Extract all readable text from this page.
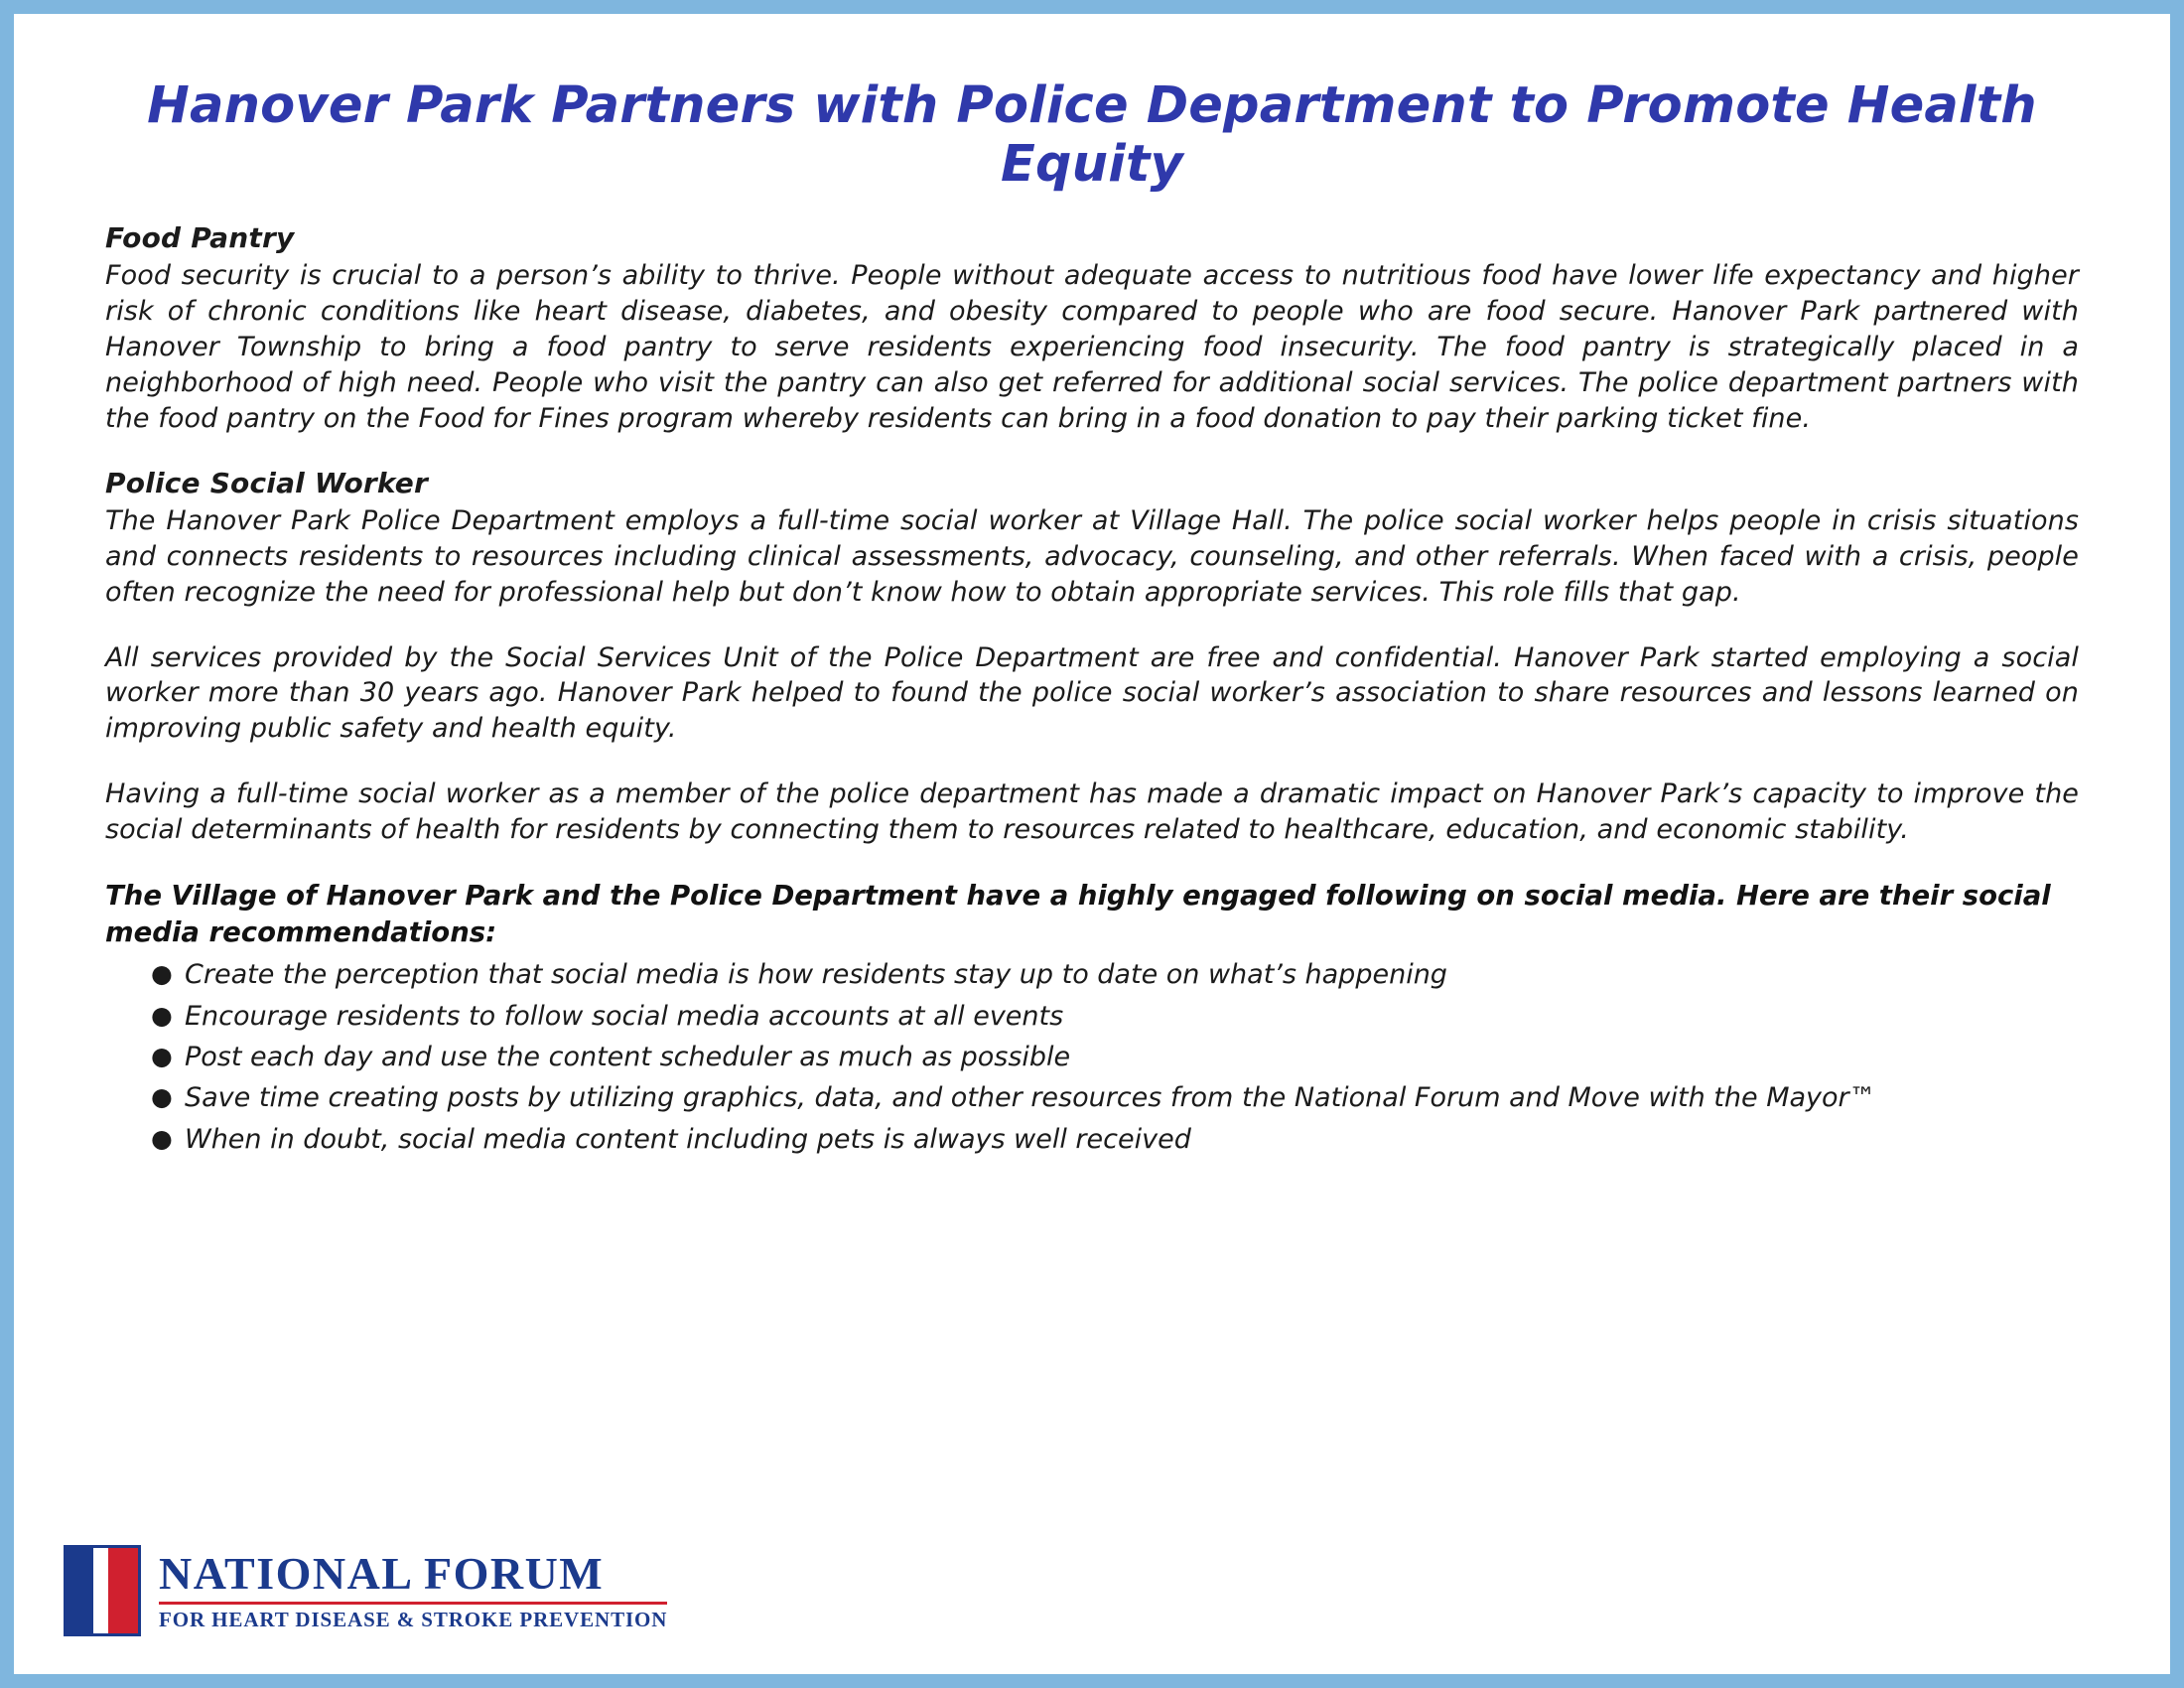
Hanover Park Partners with Police Department to Promote Health Equity
Food Pantry

Food security is crucial to a person’s ability to thrive. People without adequate access to nutritious food have lower life expectancy and higher risk of chronic conditions like heart disease, diabetes, and obesity compared to people who are food secure. Hanover Park partnered with Hanover Township to bring a food pantry to serve residents experiencing food insecurity. The food pantry is strategically placed in a neighborhood of high need. People who visit the pantry can also get referred for additional social services. The police department partners with the food pantry on the Food for Fines program whereby residents can bring in a food donation to pay their parking ticket fine.

Police Social Worker

The Hanover Park Police Department employs a full-time social worker at Village Hall. The police social worker helps people in crisis situations and connects residents to resources including clinical assessments, advocacy, counseling, and other referrals. When faced with a crisis, people often recognize the need for professional help but don’t know how to obtain appropriate services. This role fills that gap.

All services provided by the Social Services Unit of the Police Department are free and confidential. Hanover Park started employing a social worker more than 30 years ago. Hanover Park helped to found the police social worker’s association to share resources and lessons learned on improving public safety and health equity.

Having a full-time social worker as a member of the police department has made a dramatic impact on Hanover Park’s capacity to improve the social determinants of health for residents by connecting them to resources related to healthcare, education, and economic stability.

The Village of Hanover Park and the Police Department have a highly engaged following on social media. Here are their social media recommendations:
● Create the perception that social media is how residents stay up to date on what’s happening
● Encourage residents to follow social media accounts at all events
● Post each day and use the content scheduler as much as possible
● Save time creating posts by utilizing graphics, data, and other resources from the National Forum and Move with the Mayor™
● When in doubt, social media content including pets is always well received
NATIONAL FORUM
FOR HEART DISEASE & STROKE PREVENTION
